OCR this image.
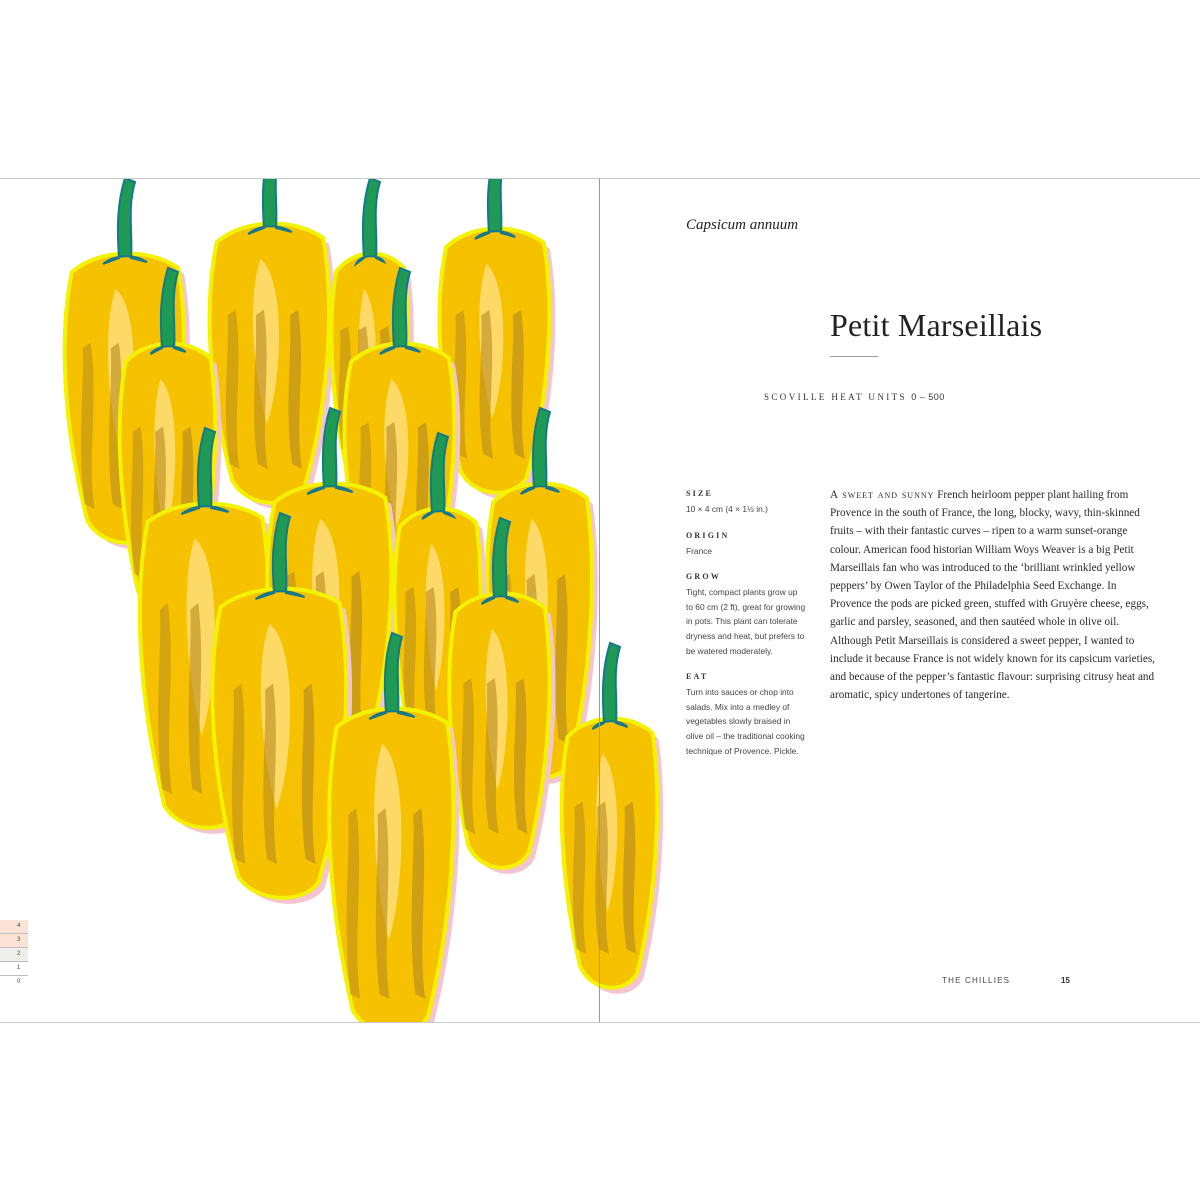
4
3
2
1
0
Capsicum annuum
Petit Marseillais
SCOVILLE HEAT UNITS 0 – 500
SIZE
10 × 4 cm (4 × 1½ in.)
ORIGIN
France
GROW
Tight, compact plants grow up to 60 cm (2 ft), great for growing in pots. This plant can tolerate dryness and heat, but prefers to be watered moderately.
EAT
Turn into sauces or chop into salads. Mix into a medley of vegetables slowly braised in olive oil – the traditional cooking technique of Provence. Pickle.
A sweet and sunny French heirloom pepper plant hailing from Provence in the south of France, the long, blocky, wavy, thin-skinned fruits – with their fantastic curves – ripen to a warm sunset-orange colour. American food historian William Woys Weaver is a big Petit Marseillais fan who was introduced to the ‘brilliant wrinkled yellow peppers’ by Owen Taylor of the Philadelphia Seed Exchange. In Provence the pods are picked green, stuffed with Gruyère cheese, eggs, garlic and parsley, seasoned, and then sautéed whole in olive oil. Although Petit Marseillais is considered a sweet pepper, I wanted to include it because France is not widely known for its capsicum varieties, and because of the pepper’s fantastic flavour: surprising citrusy heat and aromatic, spicy undertones of tangerine.
THE CHILLIES	15
